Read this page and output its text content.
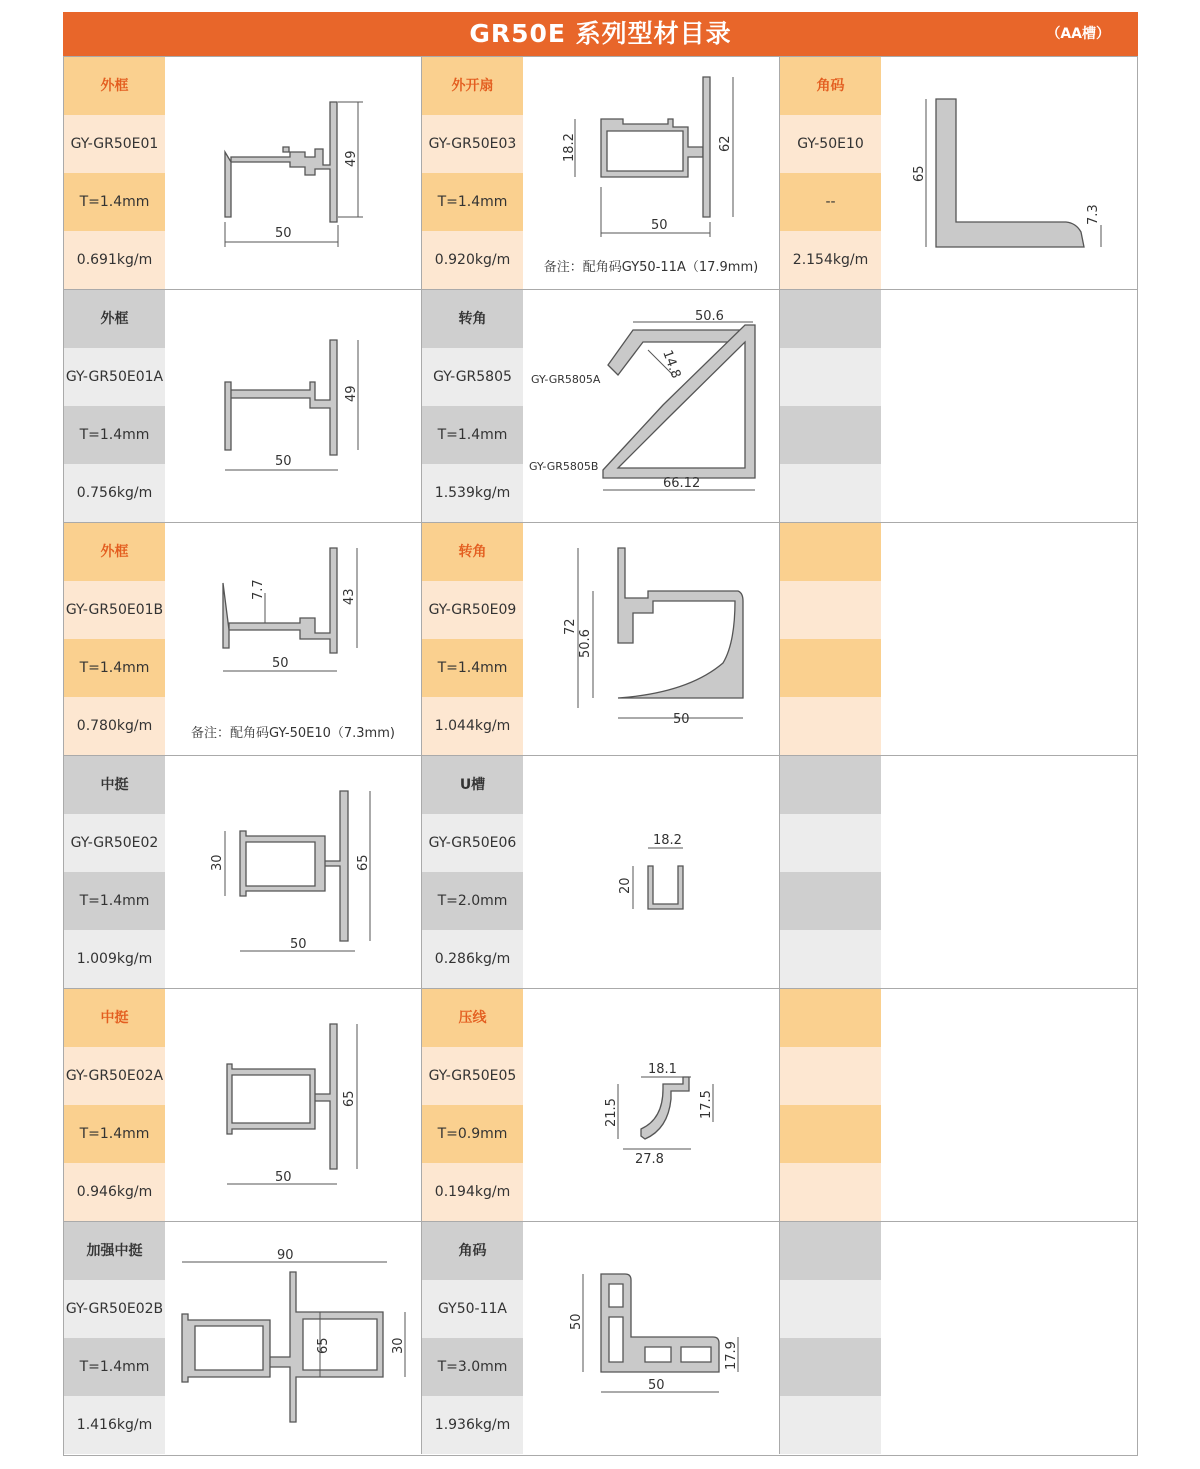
GR50E 系列型材目录	（AA槽）
外框
GY-GR50E01
T=1.4mm
0.691kg/m
50
49
外开扇
GY-GR50E03
T=1.4mm
0.920kg/m
50
62
18.2
备注：配角码GY50-11A（17.9mm)
角码
GY-50E10
--
2.154kg/m
65
7.3
外框
GY-GR50E01A
T=1.4mm
0.756kg/m
50
49
转角
GY-GR5805
T=1.4mm
1.539kg/m
50.6
14.8
66.12
GY-GR5805A
GY-GR5805B
外框
GY-GR50E01B
T=1.4mm
0.780kg/m
50
43
7.7
备注：配角码GY-50E10（7.3mm)
转角
GY-GR50E09
T=1.4mm
1.044kg/m
72
50.6
50
中挺
GY-GR50E02
T=1.4mm
1.009kg/m
50
65
30
U槽
GY-GR50E06
T=2.0mm
0.286kg/m
18.2
20
中挺
GY-GR50E02A
T=1.4mm
0.946kg/m
50
65
压线
GY-GR50E05
T=0.9mm
0.194kg/m
18.1
21.5	17.5
27.8
加强中挺
GY-GR50E02B
T=1.4mm
1.416kg/m
90
65	30
角码
GY50-11A
T=3.0mm
1.936kg/m
50
50
17.9
